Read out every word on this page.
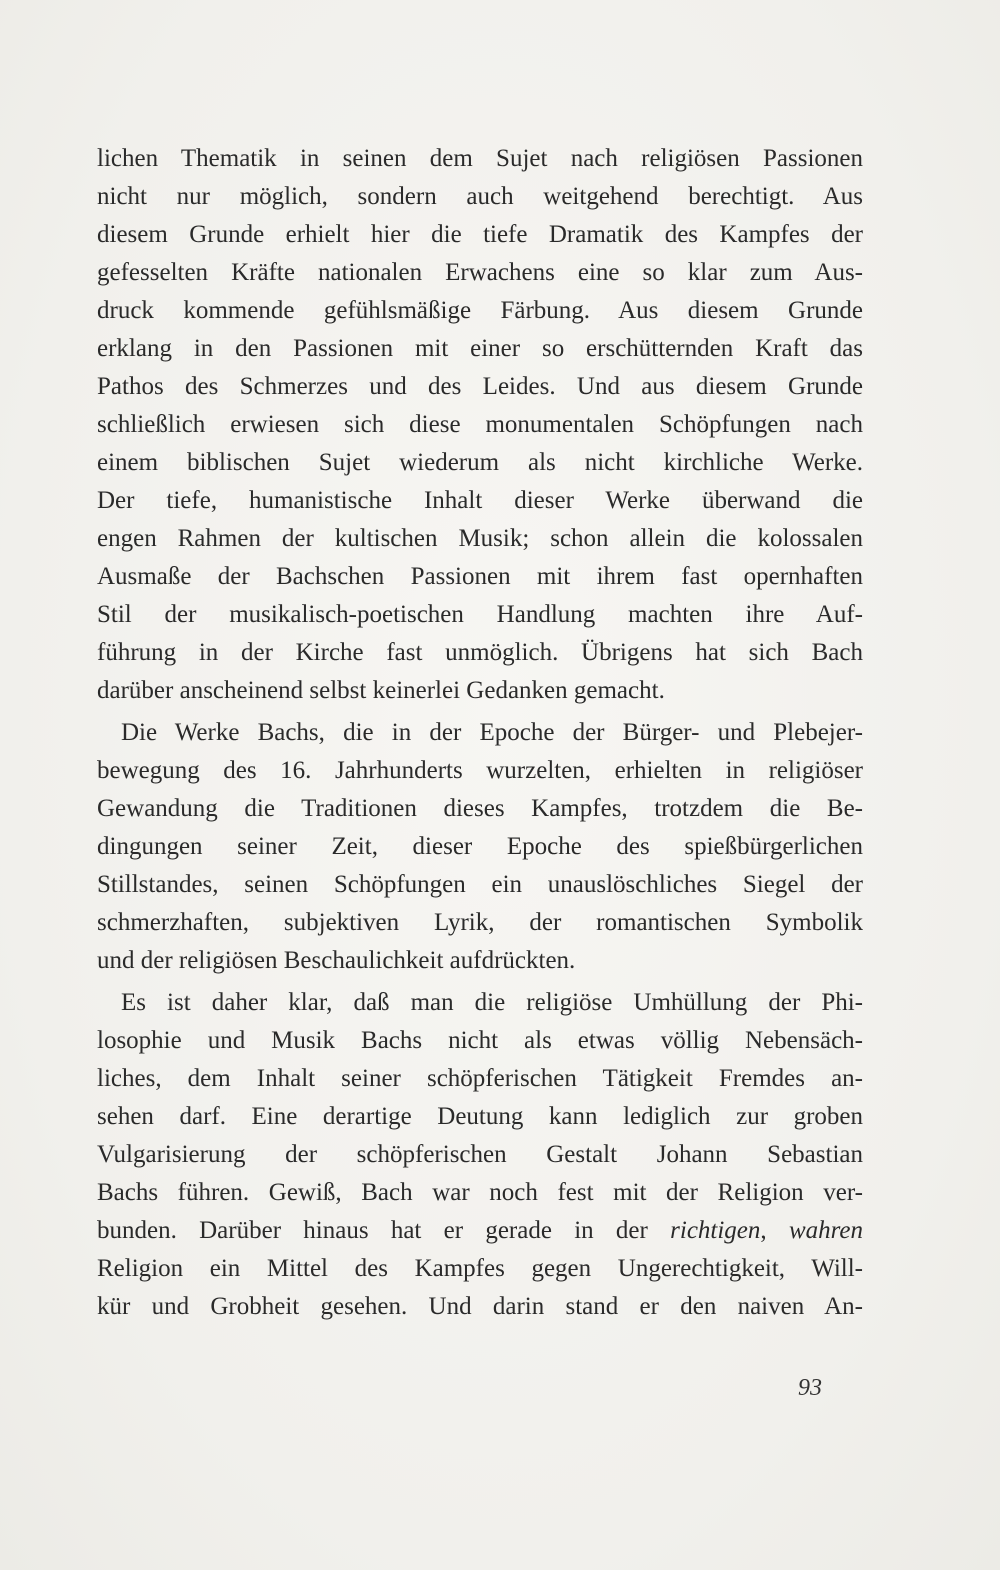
lichen Thematik in seinen dem Sujet nach religiösen Passionen
nicht nur möglich, sondern auch weitgehend berechtigt. Aus
diesem Grunde erhielt hier die tiefe Dramatik des Kampfes der
gefesselten Kräfte nationalen Erwachens eine so klar zum Aus-
druck kommende gefühlsmäßige Färbung. Aus diesem Grunde
erklang in den Passionen mit einer so erschütternden Kraft das
Pathos des Schmerzes und des Leides. Und aus diesem Grunde
schließlich erwiesen sich diese monumentalen Schöpfungen nach
einem biblischen Sujet wiederum als nicht kirchliche Werke.
Der tiefe, humanistische Inhalt dieser Werke überwand die
engen Rahmen der kultischen Musik; schon allein die kolossalen
Ausmaße der Bachschen Passionen mit ihrem fast opernhaften
Stil der musikalisch-poetischen Handlung machten ihre Auf-
führung in der Kirche fast unmöglich. Übrigens hat sich Bach
darüber anscheinend selbst keinerlei Gedanken gemacht.
Die Werke Bachs, die in der Epoche der Bürger- und Plebejer-
bewegung des 16. Jahrhunderts wurzelten, erhielten in religiöser
Gewandung die Traditionen dieses Kampfes, trotzdem die Be-
dingungen seiner Zeit, dieser Epoche des spießbürgerlichen
Stillstandes, seinen Schöpfungen ein unauslöschliches Siegel der
schmerzhaften, subjektiven Lyrik, der romantischen Symbolik
und der religiösen Beschaulichkeit aufdrückten.
Es ist daher klar, daß man die religiöse Umhüllung der Phi-
losophie und Musik Bachs nicht als etwas völlig Nebensäch-
liches, dem Inhalt seiner schöpferischen Tätigkeit Fremdes an-
sehen darf. Eine derartige Deutung kann lediglich zur groben
Vulgarisierung der schöpferischen Gestalt Johann Sebastian
Bachs führen. Gewiß, Bach war noch fest mit der Religion ver-
bunden. Darüber hinaus hat er gerade in der richtigen, wahren
Religion ein Mittel des Kampfes gegen Ungerechtigkeit, Will-
kür und Grobheit gesehen. Und darin stand er den naiven An-
93
